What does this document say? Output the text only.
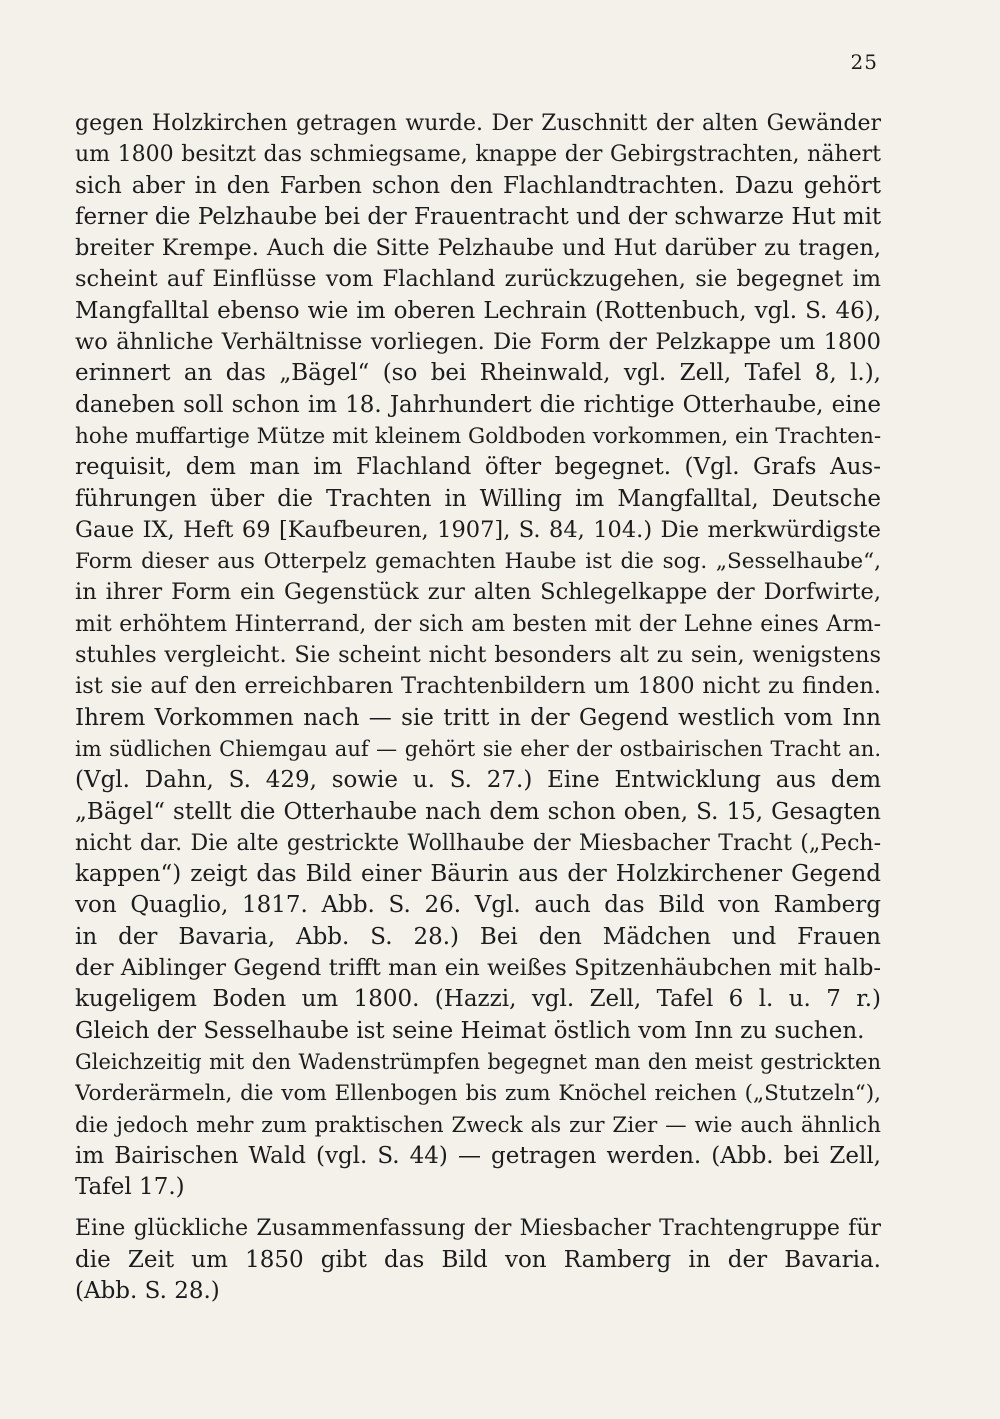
25
gegen Holzkirchen getragen wurde. Der Zuschnitt der alten Gewänder
um 1800 besitzt das schmiegsame, knappe der Gebirgstrachten, nähert
sich aber in den Farben schon den Flachlandtrachten. Dazu gehört
ferner die Pelzhaube bei der Frauentracht und der schwarze Hut mit
breiter Krempe. Auch die Sitte Pelzhaube und Hut darüber zu tragen,
scheint auf Einflüsse vom Flachland zurückzugehen, sie begegnet im
Mangfalltal ebenso wie im oberen Lechrain (Rottenbuch, vgl. S. 46),
wo ähnliche Verhältnisse vorliegen. Die Form der Pelzkappe um 1800
erinnert an das „Bägel“ (so bei Rheinwald, vgl. Zell, Tafel 8, l.),
daneben soll schon im 18. Jahrhundert die richtige Otterhaube, eine
hohe muffartige Mütze mit kleinem Goldboden vorkommen, ein Trachten-
requisit, dem man im Flachland öfter begegnet. (Vgl. Grafs Aus-
führungen über die Trachten in Willing im Mangfalltal, Deutsche
Gaue IX, Heft 69 [Kaufbeuren, 1907], S. 84, 104.) Die merkwürdigste
Form dieser aus Otterpelz gemachten Haube ist die sog. „Sesselhaube“,
in ihrer Form ein Gegenstück zur alten Schlegelkappe der Dorfwirte,
mit erhöhtem Hinterrand, der sich am besten mit der Lehne eines Arm-
stuhles vergleicht. Sie scheint nicht besonders alt zu sein, wenigstens
ist sie auf den erreichbaren Trachtenbildern um 1800 nicht zu finden.
Ihrem Vorkommen nach — sie tritt in der Gegend westlich vom Inn
im südlichen Chiemgau auf — gehört sie eher der ostbairischen Tracht an.
(Vgl. Dahn, S. 429, sowie u. S. 27.) Eine Entwicklung aus dem
„Bägel“ stellt die Otterhaube nach dem schon oben, S. 15, Gesagten
nicht dar. Die alte gestrickte Wollhaube der Miesbacher Tracht („Pech-
kappen“) zeigt das Bild einer Bäurin aus der Holzkirchener Gegend
von Quaglio, 1817. Abb. S. 26. Vgl. auch das Bild von Ramberg
in der Bavaria, Abb. S. 28.) Bei den Mädchen und Frauen
der Aiblinger Gegend trifft man ein weißes Spitzenhäubchen mit halb-
kugeligem Boden um 1800. (Hazzi, vgl. Zell, Tafel 6 l. u. 7 r.)
Gleich der Sesselhaube ist seine Heimat östlich vom Inn zu suchen.
Gleichzeitig mit den Wadenstrümpfen begegnet man den meist gestrickten
Vorderärmeln, die vom Ellenbogen bis zum Knöchel reichen („Stutzeln“),
die jedoch mehr zum praktischen Zweck als zur Zier — wie auch ähnlich
im Bairischen Wald (vgl. S. 44) — getragen werden. (Abb. bei Zell,
Tafel 17.)
Eine glückliche Zusammenfassung der Miesbacher Trachtengruppe für
die Zeit um 1850 gibt das Bild von Ramberg in der Bavaria.
(Abb. S. 28.)
